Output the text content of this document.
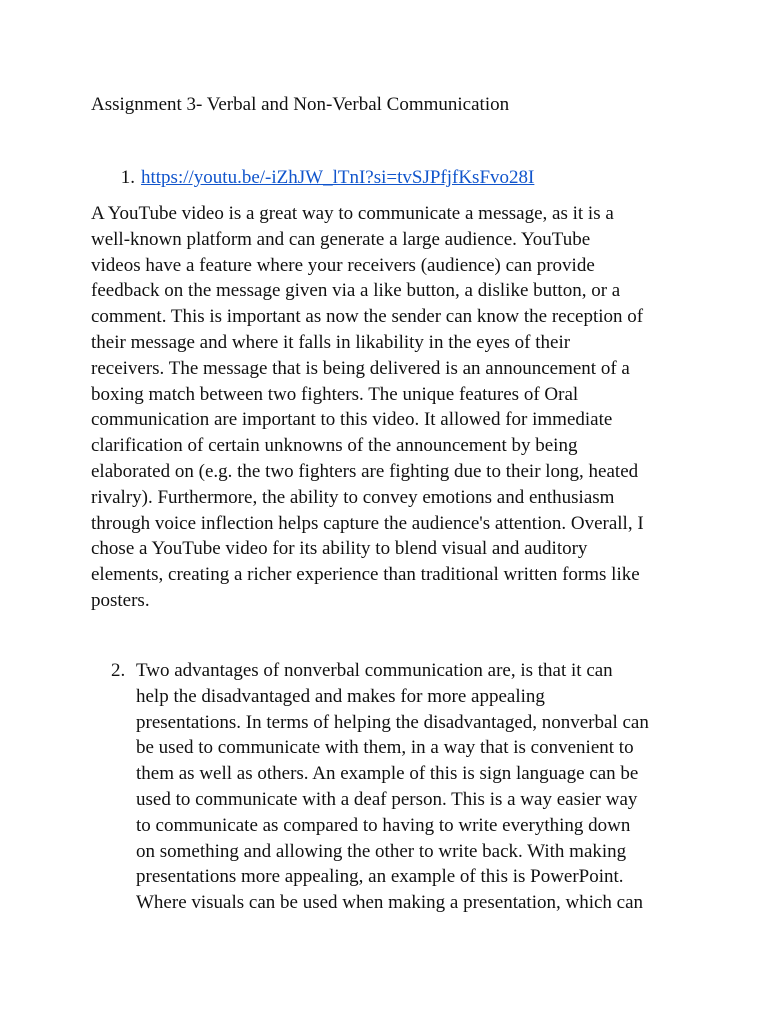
Assignment 3- Verbal and Non-Verbal Communication
1. https://youtu.be/-iZhJW_lTnI?si=tvSJPfjfKsFvo28I
A YouTube video is a great way to communicate a message, as it is a
well-known platform and can generate a large audience. YouTube
videos have a feature where your receivers (audience) can provide
feedback on the message given via a like button, a dislike button, or a
comment. This is important as now the sender can know the reception of
their message and where it falls in likability in the eyes of their
receivers. The message that is being delivered is an announcement of a
boxing match between two fighters. The unique features of Oral
communication are important to this video. It allowed for immediate
clarification of certain unknowns of the announcement by being
elaborated on (e.g. the two fighters are fighting due to their long, heated
rivalry). Furthermore, the ability to convey emotions and enthusiasm
through voice inflection helps capture the audience's attention. Overall, I
chose a YouTube video for its ability to blend visual and auditory
elements, creating a richer experience than traditional written forms like
posters.
2. Two advantages of nonverbal communication are, is that it can
help the disadvantaged and makes for more appealing
presentations. In terms of helping the disadvantaged, nonverbal can
be used to communicate with them, in a way that is convenient to
them as well as others. An example of this is sign language can be
used to communicate with a deaf person. This is a way easier way
to communicate as compared to having to write everything down
on something and allowing the other to write back. With making
presentations more appealing, an example of this is PowerPoint.
Where visuals can be used when making a presentation, which can
